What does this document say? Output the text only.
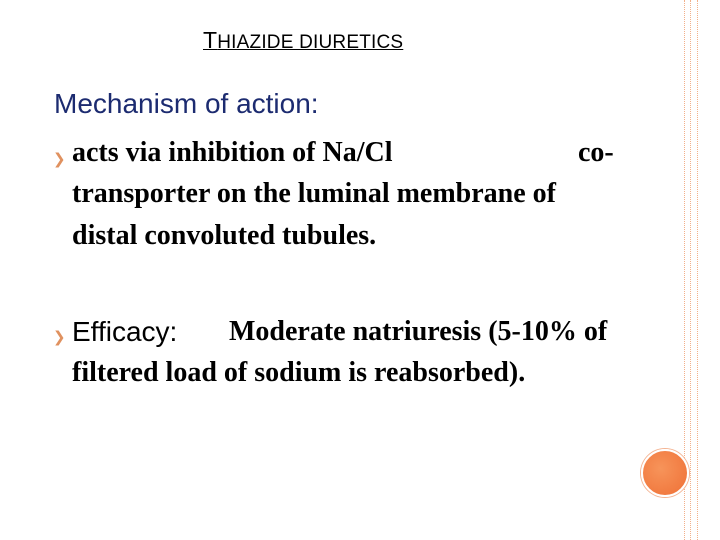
THIAZIDE DIURETICS
Mechanism of action:
❯︎ acts via inhibition of Na/Cl	co-
transporter on the luminal membrane of
distal convoluted tubules.
❯︎ Efficacy: Moderate natriuresis (5-10% of
filtered load of sodium is reabsorbed).
